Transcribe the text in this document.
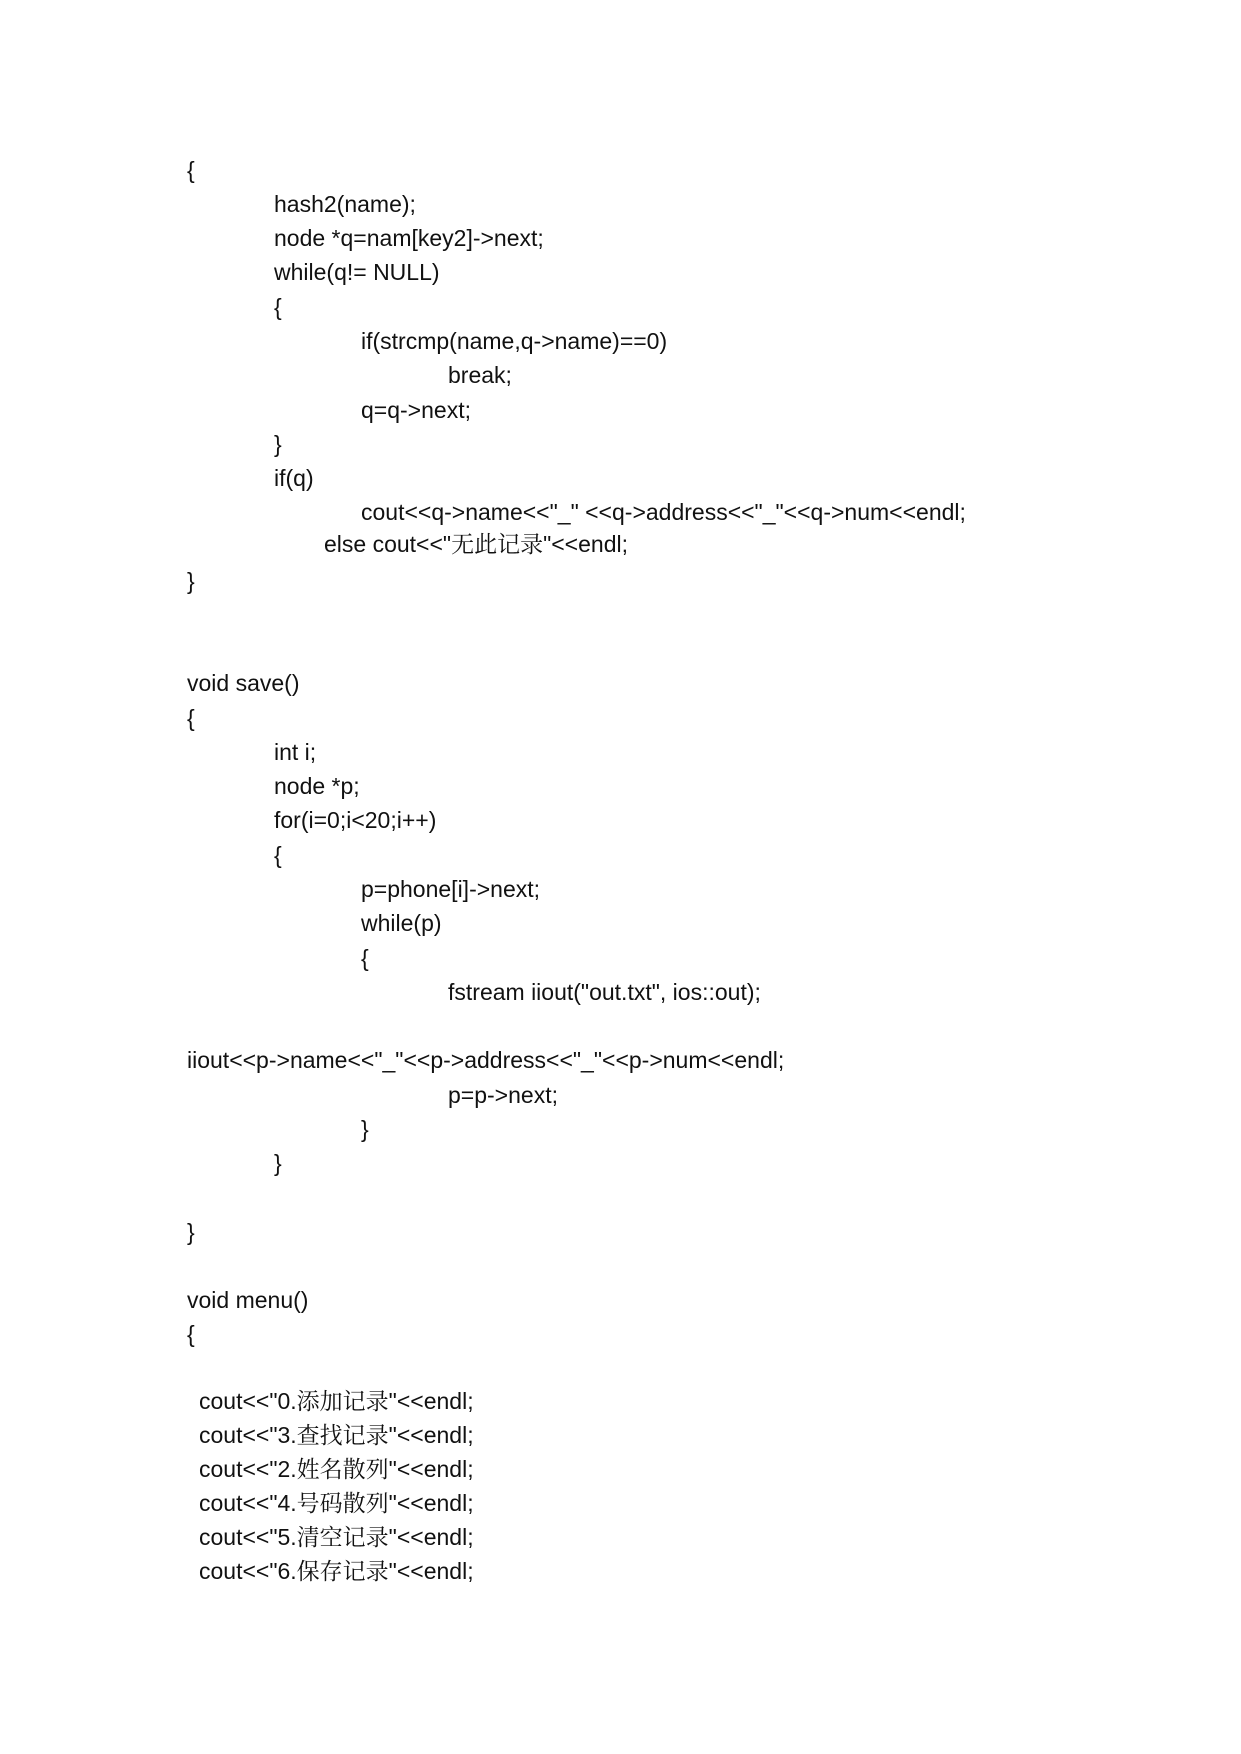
{

hash2(name);

node *q=nam[key2]->next;

while(q!= NULL)

{

if(strcmp(name,q->name)==0)

break;

q=q->next;

}

if(q)

cout<<q->name<<"_" <<q->address<<"_"<<q->num<<endl;

else cout<<"无此记录"<<endl;

}

void save()

{

int i;

node *p;

for(i=0;i<20;i++)

{

p=phone[i]->next;

while(p)

{

fstream iiout("out.txt", ios::out);

iiout<<p->name<<"_"<<p->address<<"_"<<p->num<<endl;

p=p->next;

}

}

}

void menu()

{

cout<<"0.添加记录"<<endl;

cout<<"3.查找记录"<<endl;

cout<<"2.姓名散列"<<endl;

cout<<"4.号码散列"<<endl;

cout<<"5.清空记录"<<endl;

cout<<"6.保存记录"<<endl;
